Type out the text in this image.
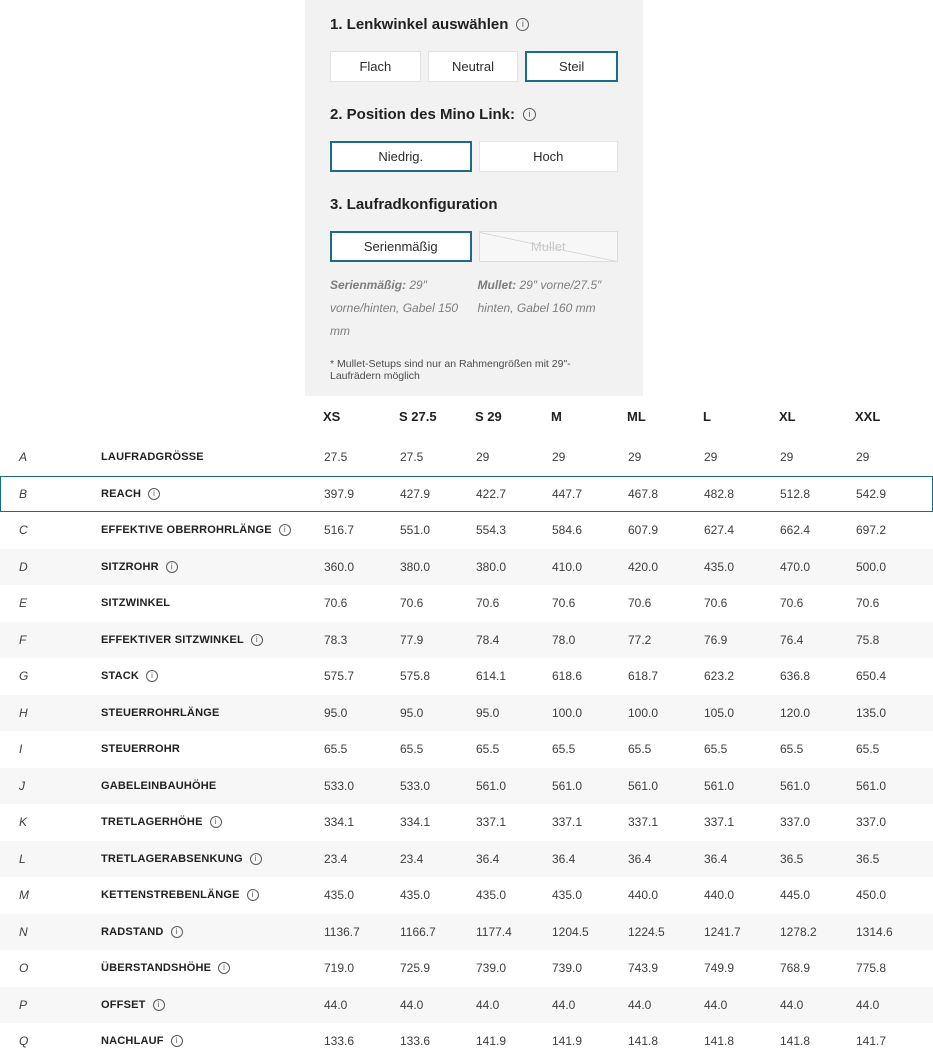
1. Lenkwinkel auswählen	i
Flach	Neutral	Steil
2. Position des Mino Link:	i
Niedrig.	Hoch
3. Laufradkonfiguration
Serienmäßig	Mullet
Serienmäßig: 29″ vorne/hinten, Gabel 150 mm
Mullet: 29″ vorne/27.5″ hinten, Gabel 160 mm
* Mullet-Setups sind nur an Rahmengrößen mit 29"-Laufrädern möglich
XS	S 27.5	S 29	M	ML	L	XL	XXL
A	LAUFRADGRÖSSE	27.5	27.5	29	29	29	29	29	29
B	REACH	i	397.9	427.9	422.7	447.7	467.8	482.8	512.8	542.9
C	EFFEKTIVE OBERROHRLÄNGE	i	516.7	551.0	554.3	584.6	607.9	627.4	662.4	697.2
D	SITZROHR	i	360.0	380.0	380.0	410.0	420.0	435.0	470.0	500.0
E	SITZWINKEL	70.6	70.6	70.6	70.6	70.6	70.6	70.6	70.6
F	EFFEKTIVER SITZWINKEL	i	78.3	77.9	78.4	78.0	77.2	76.9	76.4	75.8
G	STACK	i	575.7	575.8	614.1	618.6	618.7	623.2	636.8	650.4
H	STEUERROHRLÄNGE	95.0	95.0	95.0	100.0	100.0	105.0	120.0	135.0
I	STEUERROHR	65.5	65.5	65.5	65.5	65.5	65.5	65.5	65.5
J	GABELEINBAUHÖHE	533.0	533.0	561.0	561.0	561.0	561.0	561.0	561.0
K	TRETLAGERHÖHE	i	334.1	334.1	337.1	337.1	337.1	337.1	337.0	337.0
L	TRETLAGERABSENKUNG	i	23.4	23.4	36.4	36.4	36.4	36.4	36.5	36.5
M	KETTENSTREBENLÄNGE	i	435.0	435.0	435.0	435.0	440.0	440.0	445.0	450.0
N	RADSTAND	i	1136.7	1166.7	1177.4	1204.5	1224.5	1241.7	1278.2	1314.6
O	ÜBERSTANDSHÖHE	i	719.0	725.9	739.0	739.0	743.9	749.9	768.9	775.8
P	OFFSET	i	44.0	44.0	44.0	44.0	44.0	44.0	44.0	44.0
Q	NACHLAUF	i	133.6	133.6	141.9	141.9	141.8	141.8	141.8	141.7
